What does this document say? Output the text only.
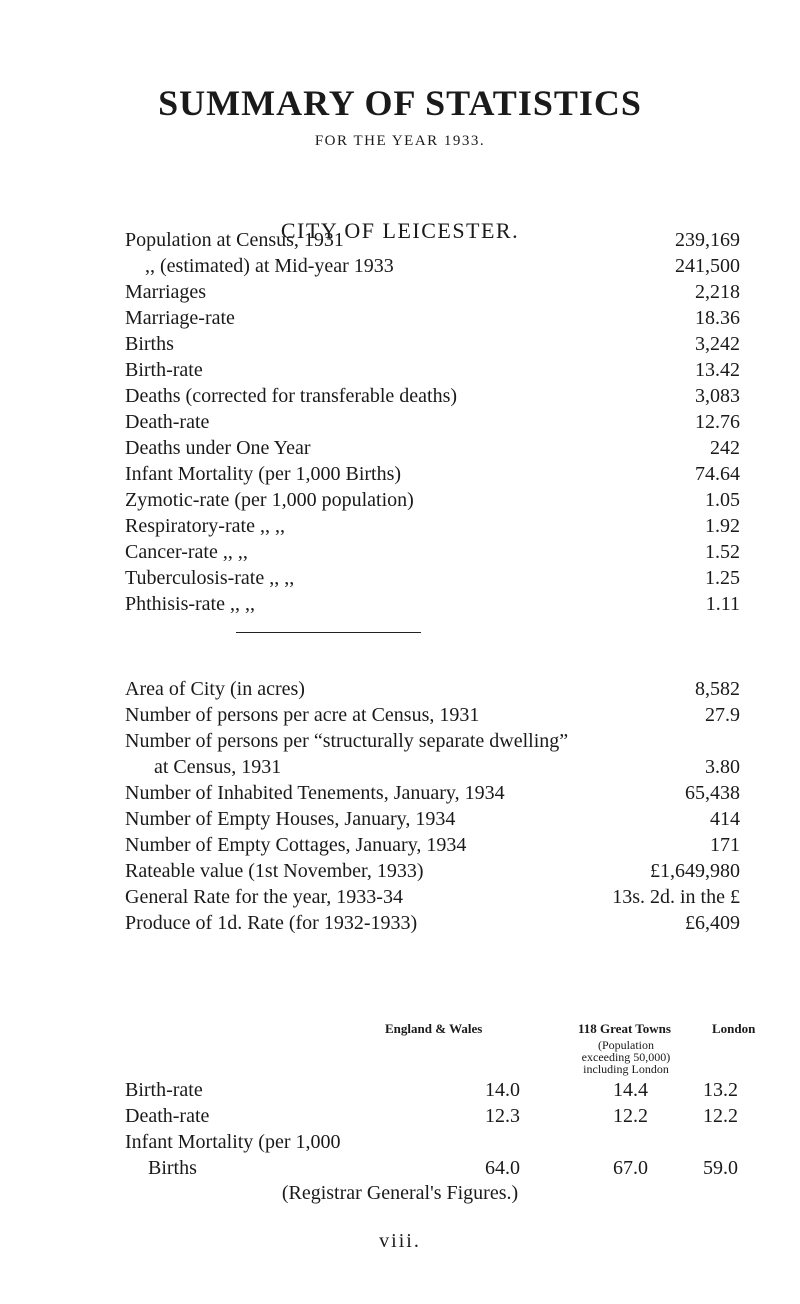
SUMMARY OF STATISTICS
FOR THE YEAR 1933.
CITY OF LEICESTER.
Population at Census, 1931	239,169
,, (estimated) at Mid-year 1933	241,500
Marriages	2,218
Marriage-rate	18.36
Births	3,242
Birth-rate	13.42
Deaths (corrected for transferable deaths)	3,083
Death-rate	12.76
Deaths under One Year	242
Infant Mortality (per 1,000 Births)	74.64
Zymotic-rate (per 1,000 population)	1.05
Respiratory-rate ,, ,,	1.92
Cancer-rate ,, ,,	1.52
Tuberculosis-rate ,, ,,	1.25
Phthisis-rate ,, ,,	1.11
Area of City (in acres)	8,582
Number of persons per acre at Census, 1931	27.9
Number of persons per “structurally separate dwelling”
at Census, 1931	3.80
Number of Inhabited Tenements, January, 1934	65,438
Number of Empty Houses, January, 1934	414
Number of Empty Cottages, January, 1934	171
Rateable value (1st November, 1933)	£1,649,980
General Rate for the year, 1933-34	13s. 2d. in the £
Produce of 1d. Rate (for 1932-1933)	£6,409
England & Wales	118 Great Towns	London
(Population
exceeding 50,000)
including London
Birth-rate	14.0	14.4	13.2
Death-rate	12.3	12.2	12.2
Infant Mortality (per 1,000
Births	64.0	67.0	59.0
(Registrar General's Figures.)
viii.
